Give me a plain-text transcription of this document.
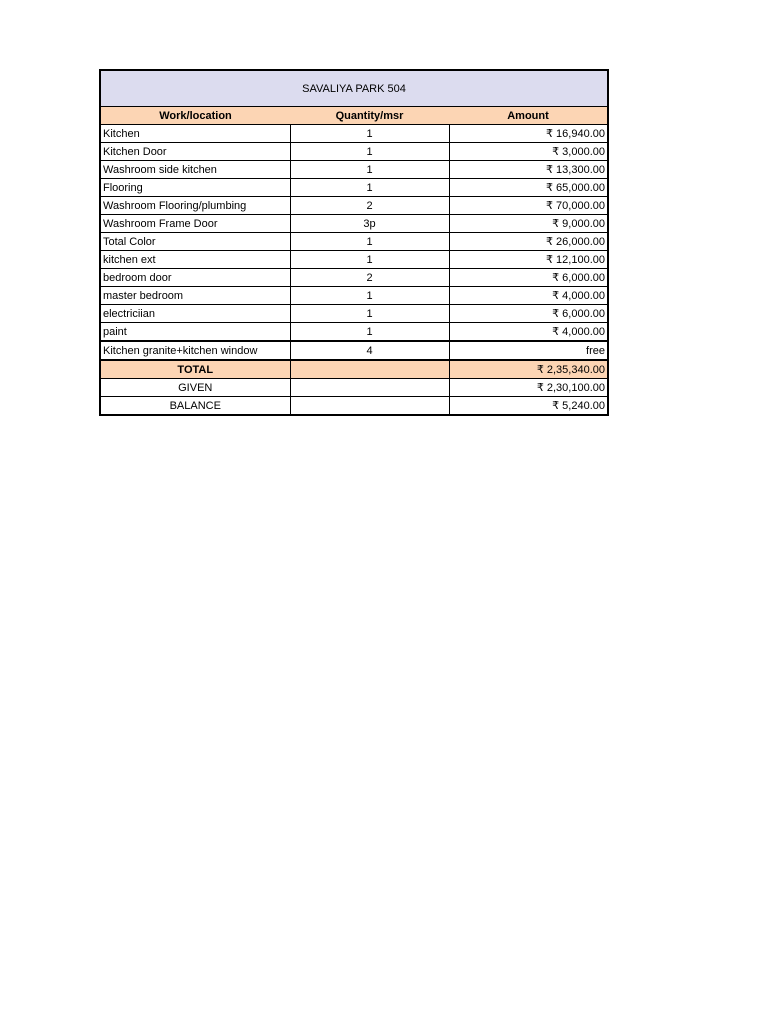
SAVALIYA PARK 504
Work/location	Quantity/msr	Amount
Kitchen	1	₹ 16,940.00
Kitchen Door	1	₹ 3,000.00
Washroom side kitchen	1	₹ 13,300.00
Flooring	1	₹ 65,000.00
Washroom Flooring/plumbing	2	₹ 70,000.00
Washroom Frame Door	3p	₹ 9,000.00
Total Color	1	₹ 26,000.00
kitchen ext	1	₹ 12,100.00
bedroom door	2	₹ 6,000.00
master bedroom	1	₹ 4,000.00
electriciian	1	₹ 6,000.00
paint	1	₹ 4,000.00
Kitchen granite+kitchen window	4	free
TOTAL		₹ 2,35,340.00
GIVEN		₹ 2,30,100.00
BALANCE		₹ 5,240.00
